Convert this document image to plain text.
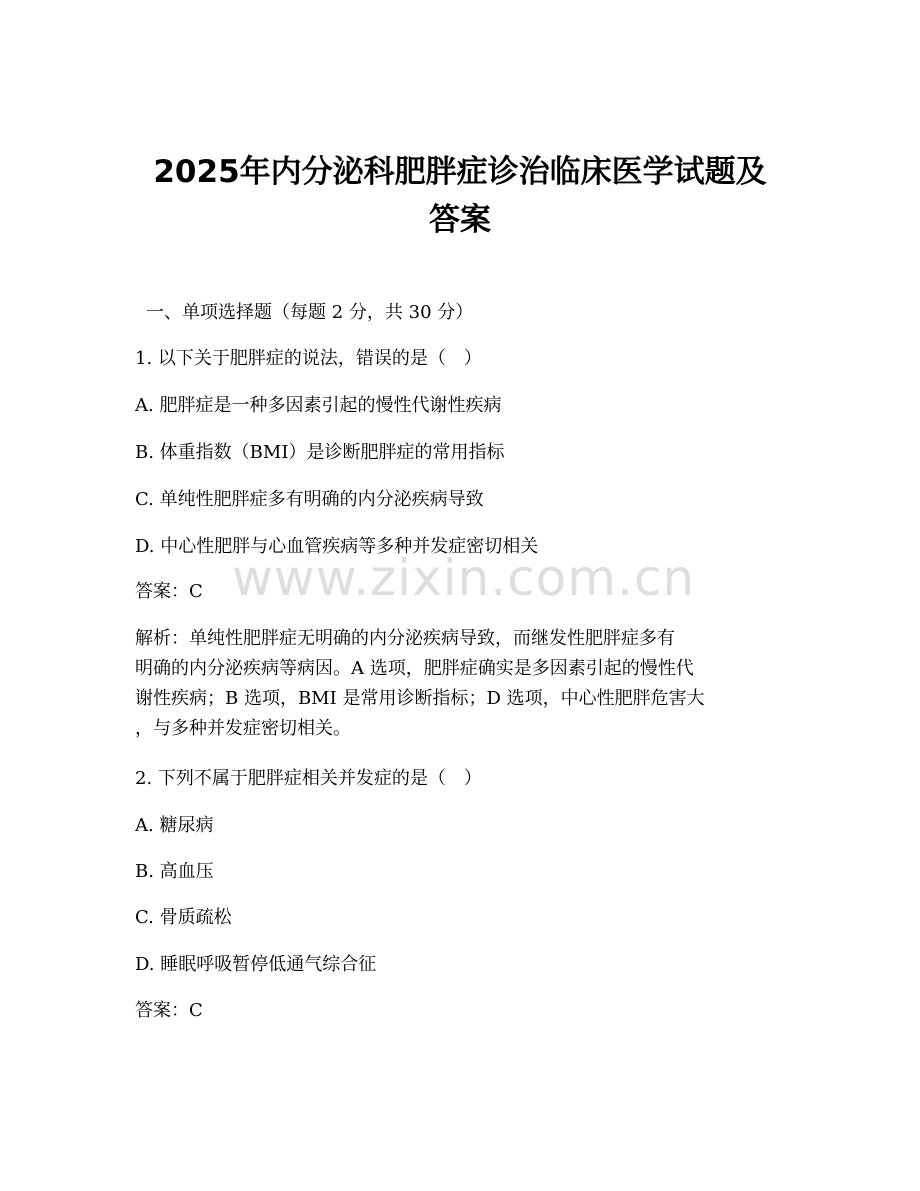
2025年内分泌科肥胖症诊治临床医学试题及
答案

一、单项选择题（每题 2 分，共 30 分）

1. 以下关于肥胖症的说法，错误的是（　）

A. 肥胖症是一种多因素引起的慢性代谢性疾病

B. 体重指数（BMI）是诊断肥胖症的常用指标

C. 单纯性肥胖症多有明确的内分泌疾病导致

D. 中心性肥胖与心血管疾病等多种并发症密切相关

答案：C

解析：单纯性肥胖症无明确的内分泌疾病导致，而继发性肥胖症多有
明确的内分泌疾病等病因。A 选项，肥胖症确实是多因素引起的慢性代
谢性疾病；B 选项，BMI 是常用诊断指标；D 选项，中心性肥胖危害大
，与多种并发症密切相关。

2. 下列不属于肥胖症相关并发症的是（　）

A. 糖尿病

B. 高血压

C. 骨质疏松

D. 睡眠呼吸暂停低通气综合征

答案：C

www.zixin.com.cn
